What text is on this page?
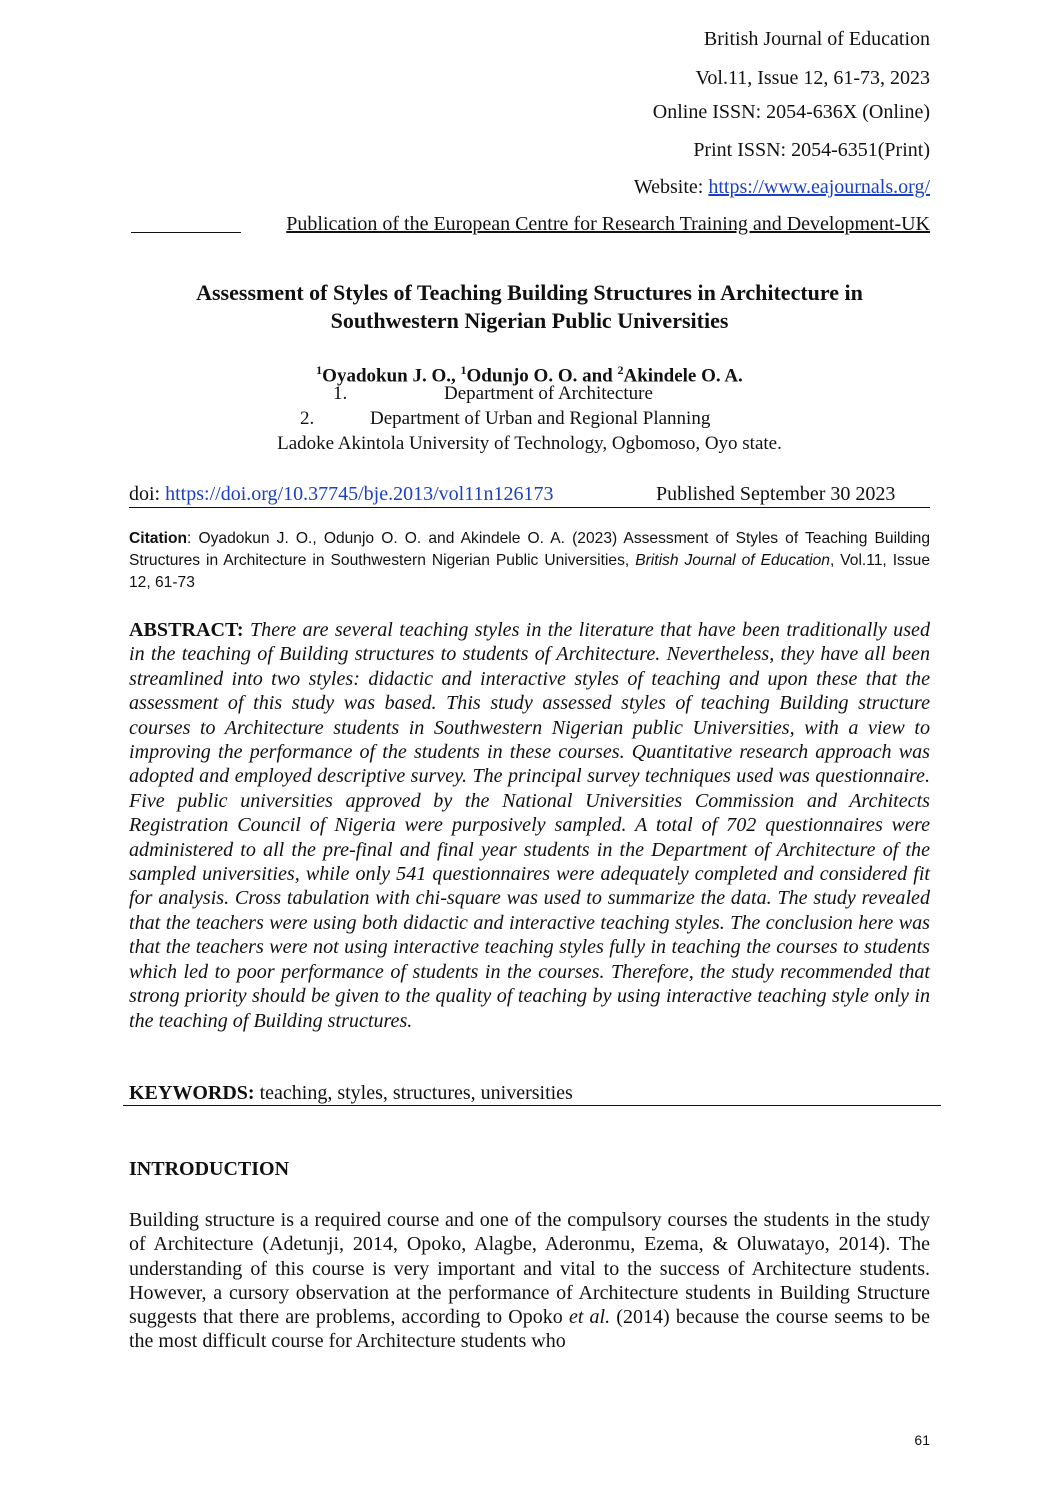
British Journal of Education
Vol.11, Issue 12, 61-73, 2023
Online ISSN: 2054-636X (Online)
Print ISSN: 2054-6351(Print)
Website: https://www.eajournals.org/
Publication of the European Centre for Research Training and Development-UK
Assessment of Styles of Teaching Building Structures in Architecture in
Southwestern Nigerian Public Universities
$^1$Oyadokun J. O., $^1$Odunjo O. O. and $^2$Akindele O. A.
1.	Department of Architecture
2.	Department of Urban and Regional Planning
Ladoke Akintola University of Technology, Ogbomoso, Oyo state.
doi: https://doi.org/10.37745/bje.2013/vol11n126173	Published September 30 2023
Citation: Oyadokun J. O., Odunjo O. O. and Akindele O. A. (2023) Assessment of Styles of Teaching Building Structures in Architecture in Southwestern Nigerian Public Universities, British Journal of Education, Vol.11, Issue 12, 61-73
ABSTRACT: There are several teaching styles in the literature that have been traditionally used in the teaching of Building structures to students of Architecture. Nevertheless, they have all been streamlined into two styles: didactic and interactive styles of teaching and upon these that the assessment of this study was based. This study assessed styles of teaching Building structure courses to Architecture students in Southwestern Nigerian public Universities, with a view to improving the performance of the students in these courses. Quantitative research approach was adopted and employed descriptive survey. The principal survey techniques used was questionnaire. Five public universities approved by the National Universities Commission and Architects Registration Council of Nigeria were purposively sampled. A total of 702 questionnaires were administered to all the pre-final and final year students in the Department of Architecture of the sampled universities, while only 541 questionnaires were adequately completed and considered fit for analysis. Cross tabulation with chi-square was used to summarize the data. The study revealed that the teachers were using both didactic and interactive teaching styles. The conclusion here was that the teachers were not using interactive teaching styles fully in teaching the courses to students which led to poor performance of students in the courses. Therefore, the study recommended that strong priority should be given to the quality of teaching by using interactive teaching style only in the teaching of Building structures.
KEYWORDS: teaching, styles, structures, universities
INTRODUCTION
Building structure is a required course and one of the compulsory courses the students in the study of Architecture (Adetunji, 2014, Opoko, Alagbe, Aderonmu, Ezema, & Oluwatayo, 2014). The understanding of this course is very important and vital to the success of Architecture students. However, a cursory observation at the performance of Architecture students in Building Structure suggests that there are problems, according to Opoko et al. (2014) because the course seems to be the most difficult course for Architecture students who
61
